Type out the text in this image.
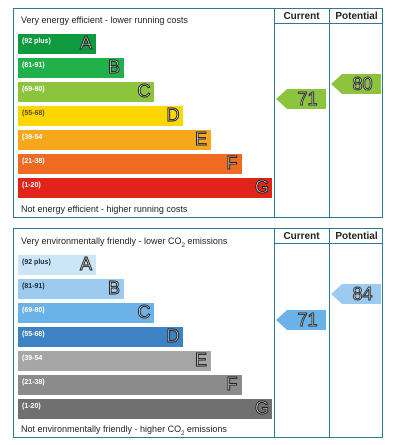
Current	Potential
Very energy efficient - lower running costs
(92 plus) A
(81-91)	B
(69-80)	C
(55-68)	D
(39-54	E
(21-38)	F
(1-20)	G
Not energy efficient - higher running costs
71
80
Current	Potential
Very environmentally friendly - lower $CO_2$ emissions
(92 plus) A
(81-91)	B
(69-80)	C
(55-68)	D
(39-54	E
(21-38)	F
(1-20)	G
Not environmentally friendly - higher $CO_2$ emissions
71
84
